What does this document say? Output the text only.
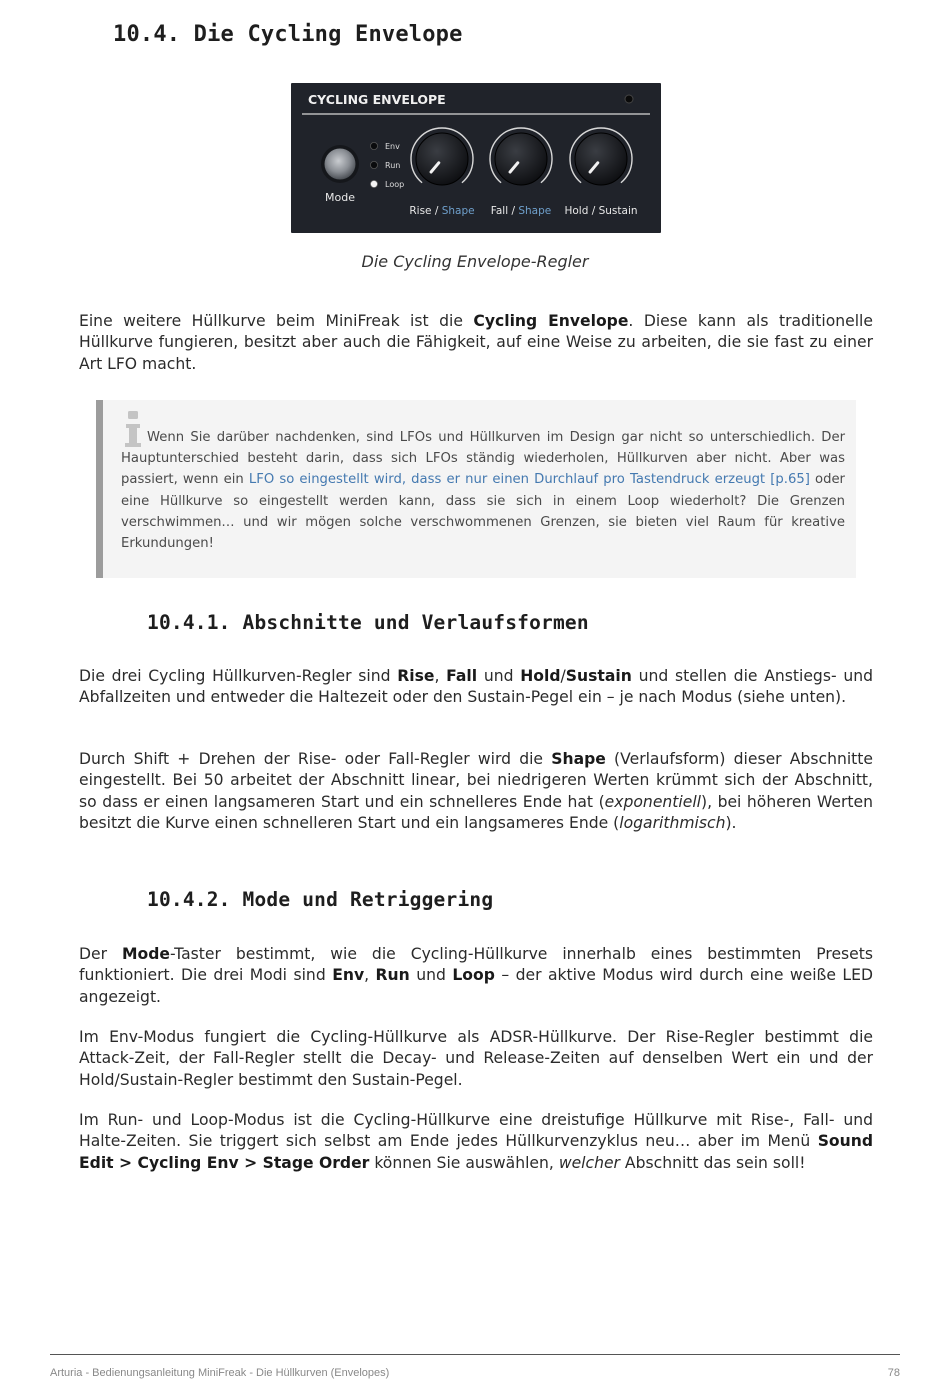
10.4. Die Cycling Envelope
CYCLING ENVELOPE
Mode
Env
Run
Loop
Rise / Shape Fall / Shape Hold / Sustain

Die Cycling Envelope-Regler

Eine weitere Hüllkurve beim MiniFreak ist die Cycling Envelope. Diese kann als traditionelle Hüllkurve fungieren, besitzt aber auch die Fähigkeit, auf eine Weise zu arbeiten, die sie fast zu einer Art LFO macht.

Wenn Sie darüber nachdenken, sind LFOs und Hüllkurven im Design gar nicht so unterschiedlich. Der Hauptunterschied besteht darin, dass sich LFOs ständig wiederholen, Hüllkurven aber nicht. Aber was passiert, wenn ein LFO so eingestellt wird, dass er nur einen Durchlauf pro Tastendruck erzeugt [p.65] oder eine Hüllkurve so eingestellt werden kann, dass sie sich in einem Loop wiederholt? Die Grenzen verschwimmen… und wir mögen solche verschwommenen Grenzen, sie bieten viel Raum für kreative Erkundungen!

10.4.1. Abschnitte und Verlaufsformen

Die drei Cycling Hüllkurven-Regler sind Rise, Fall und Hold/Sustain und stellen die Anstiegs- und Abfallzeiten und entweder die Haltezeit oder den Sustain-Pegel ein – je nach Modus (siehe unten).

Durch Shift + Drehen der Rise- oder Fall-Regler wird die Shape (Verlaufsform) dieser Abschnitte eingestellt. Bei 50 arbeitet der Abschnitt linear, bei niedrigeren Werten krümmt sich der Abschnitt, so dass er einen langsameren Start und ein schnelleres Ende hat (exponentiell), bei höheren Werten besitzt die Kurve einen schnelleren Start und ein langsameres Ende (logarithmisch).

10.4.2. Mode und Retriggering

Der Mode-Taster bestimmt, wie die Cycling-Hüllkurve innerhalb eines bestimmten Presets funktioniert. Die drei Modi sind Env, Run und Loop – der aktive Modus wird durch eine weiße LED angezeigt.

Im Env-Modus fungiert die Cycling-Hüllkurve als ADSR-Hüllkurve. Der Rise-Regler bestimmt die Attack-Zeit, der Fall-Regler stellt die Decay- und Release-Zeiten auf denselben Wert ein und der Hold/Sustain-Regler bestimmt den Sustain-Pegel.

Im Run- und Loop-Modus ist die Cycling-Hüllkurve eine dreistufige Hüllkurve mit Rise-, Fall- und Halte-Zeiten. Sie triggert sich selbst am Ende jedes Hüllkurvenzyklus neu… aber im Menü Sound Edit > Cycling Env > Stage Order können Sie auswählen, welcher Abschnitt das sein soll!

Arturia - Bedienungsanleitung MiniFreak - Die Hüllkurven (Envelopes)	78
